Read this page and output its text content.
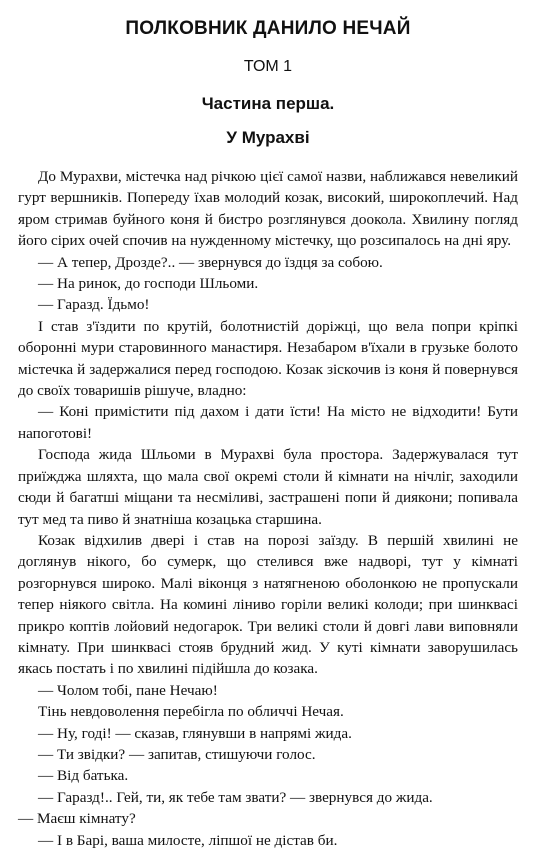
ПОЛКОВНИК ДАНИЛО НЕЧАЙ
ТОМ 1
Частина перша.
У Мурахві

До Мурахви, містечка над річкою цієї самої назви, наближався невеликий гурт вершників. Попереду їхав молодий козак, високий, широкоплечий. Над яром стримав буйного коня й бистро розглянувся доокола. Хвилину погляд його сірих очей спочив на нужденному містечку, що розсипалось на дні яру.

— А тепер, Дрозде?.. — звернувся до їздця за собою.

— На ринок, до господи Шльоми.

— Гаразд. Їдьмо!

І став з'їздити по крутій, болотнистій доріжці, що вела попри кріпкі оборонні мури старовинного манастиря. Незабаром в'їхали в грузьке болото містечка й задержалися перед господою. Козак зіскочив із коня й повернувся до своїх товаришів рішуче, владно:

— Коні примістити під дахом і дати їсти! На місто не відходити! Бути напоготові!

Господа жида Шльоми в Мурахві була простора. Задержувалася тут приїжджа шляхта, що мала свої окремі столи й кімнати на нічліг, заходили сюди й багатші міщани та несміливі, застрашені попи й диякони; попивала тут мед та пиво й знатніша козацька старшина.

Козак відхилив двері і став на порозі заїзду. В першій хвилині не доглянув нікого, бо сумерк, що стелився вже надворі, тут у кімнаті розгорнувся широко. Малі віконця з натягненою оболонкою не пропускали тепер ніякого світла. На комині ліниво горіли великі колоди; при шинквасі прикро коптів лойовий недогарок. Три великі столи й довгі лави виповняли кімнату. При шинквасі стояв брудний жид. У куті кімнати заворушилась якась постать і по хвилині підійшла до козака.

— Чолом тобі, пане Нечаю!

Тінь невдоволення перебігла по обличчі Нечая.

— Ну, годі! — сказав, глянувши в напрямі жида.

— Ти звідки? — запитав, стишуючи голос.

— Від батька.

— Гаразд!.. Гей, ти, як тебе там звати? — звернувся до жида.

— Маєш кімнату?

— І в Барі, ваша милосте, ліпшої не дістав би.
